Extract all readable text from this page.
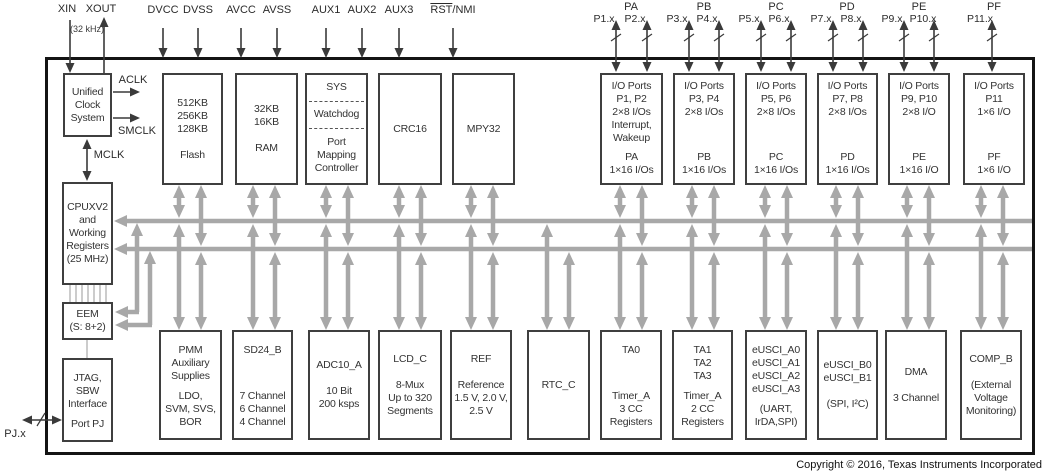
XIN XOUT
(32 kHz)
DVCC DVSS AVCC AVSS AUX1 AUX2 AUX3 $\overline{RST}$/NMI	PA	PB	PC	PD	PE	PF
P1.x P2.x P3.x P4.x P5.x P6.x P7.x P8.x P9.x P10.x	P11.x
ACLK
SMCLK
MCLK
PJ.x
Unified
Clock
System
512KB
256KB
128KB
Flash
32KB
16KB
RAM
SYS
Watchdog
Port
Mapping
Controller
CRC16	MPY32
I/O Ports
P1, P2
2×8 I/Os
Interrupt,
Wakeup
PA
1×16 I/Os
I/O Ports
P3, P4
2×8 I/Os
PB
1×16 I/Os
I/O Ports
P5, P6
2×8 I/Os
PC
1×16 I/Os
I/O Ports
P7, P8
2×8 I/Os
PD
1×16 I/Os
I/O Ports
P9, P10
2×8 I/O
PE
1×16 I/O
I/O Ports
P11
1×6 I/O
PF
1×6 I/O
CPUXV2
and
Working
Registers
(25 MHz)
EEM
(S: 8+2)
JTAG,
SBW
Interface
Port PJ
PMM
Auxiliary
Supplies
LDO,
SVM, SVS,
BOR
SD24_B
7 Channel
6 Channel
4 Channel
ADC10_A
10 Bit
200 ksps
LCD_C
8-Mux
Up to 320
Segments
REF
Reference
1.5 V, 2.0 V,
2.5 V
RTC_C
TA0
Timer_A
3 CC
Registers
TA1
TA2
TA3
Timer_A
2 CC
Registers
eUSCI_A0
eUSCI_A1
eUSCI_A2
eUSCI_A3
(UART,
IrDA,SPI)
eUSCI_B0
eUSCI_B1
(SPI, I²C)
DMA
3 Channel
COMP_B
(External
Voltage
Monitoring)
Copyright © 2016, Texas Instruments Incorporated
